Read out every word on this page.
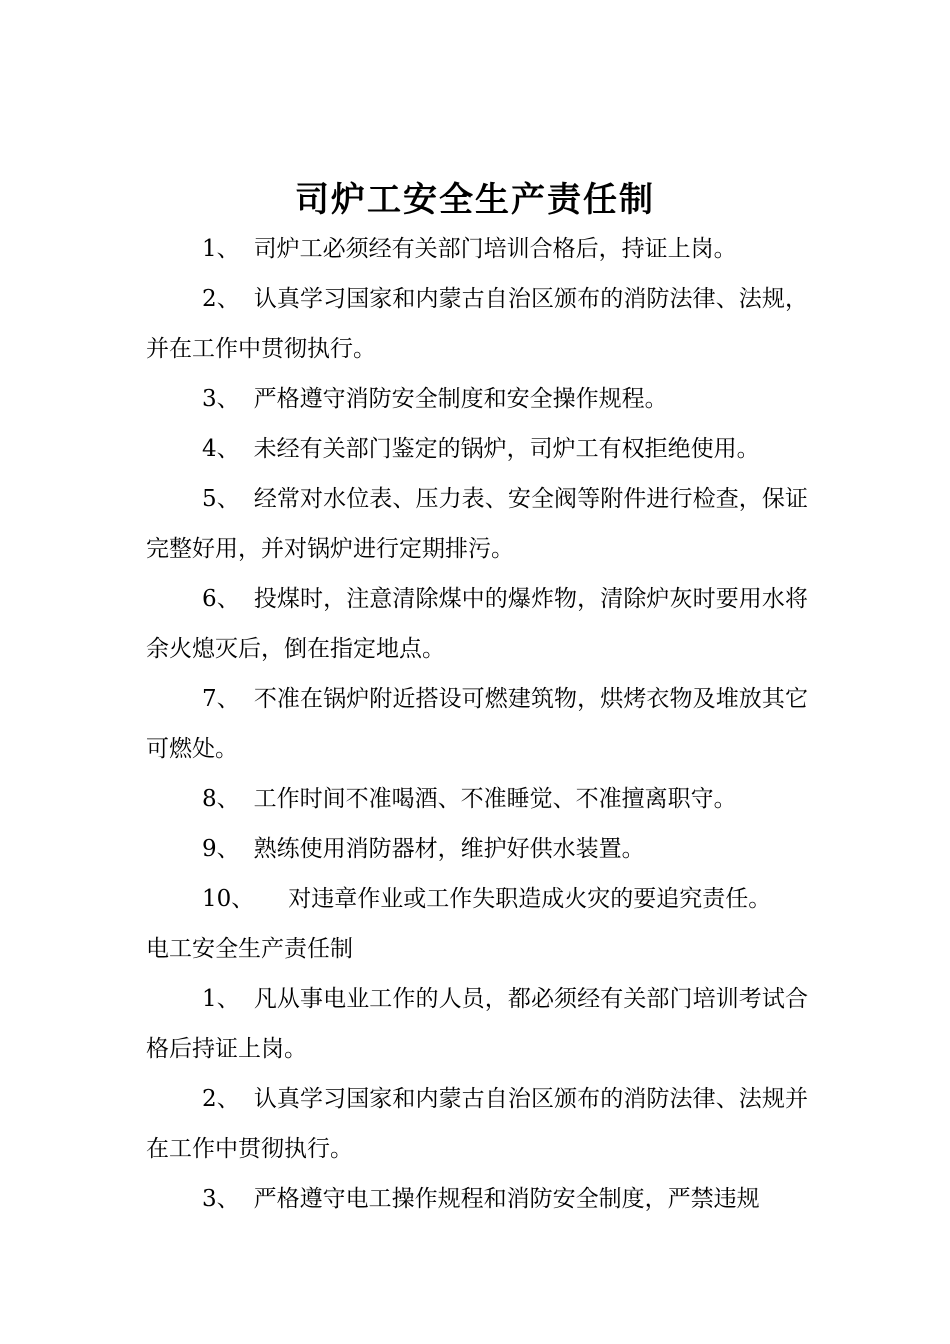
司炉工安全生产责任制

1、 司炉工必须经有关部门培训合格后，持证上岗。

2、 认真学习国家和内蒙古自治区颁布的消防法律、法规，并在工作中贯彻执行。

3、 严格遵守消防安全制度和安全操作规程。

4、 未经有关部门鉴定的锅炉，司炉工有权拒绝使用。

5、 经常对水位表、压力表、安全阀等附件进行检查，保证完整好用，并对锅炉进行定期排污。

6、 投煤时，注意清除煤中的爆炸物，清除炉灰时要用水将余火熄灭后，倒在指定地点。

7、 不准在锅炉附近搭设可燃建筑物，烘烤衣物及堆放其它可燃处。

8、 工作时间不准喝酒、不准睡觉、不准擅离职守。

9、 熟练使用消防器材，维护好供水装置。

10、 对违章作业或工作失职造成火灾的要追究责任。

电工安全生产责任制

1、 凡从事电业工作的人员，都必须经有关部门培训考试合格后持证上岗。

2、 认真学习国家和内蒙古自治区颁布的消防法律、法规并在工作中贯彻执行。

3、 严格遵守电工操作规程和消防安全制度，严禁违规
